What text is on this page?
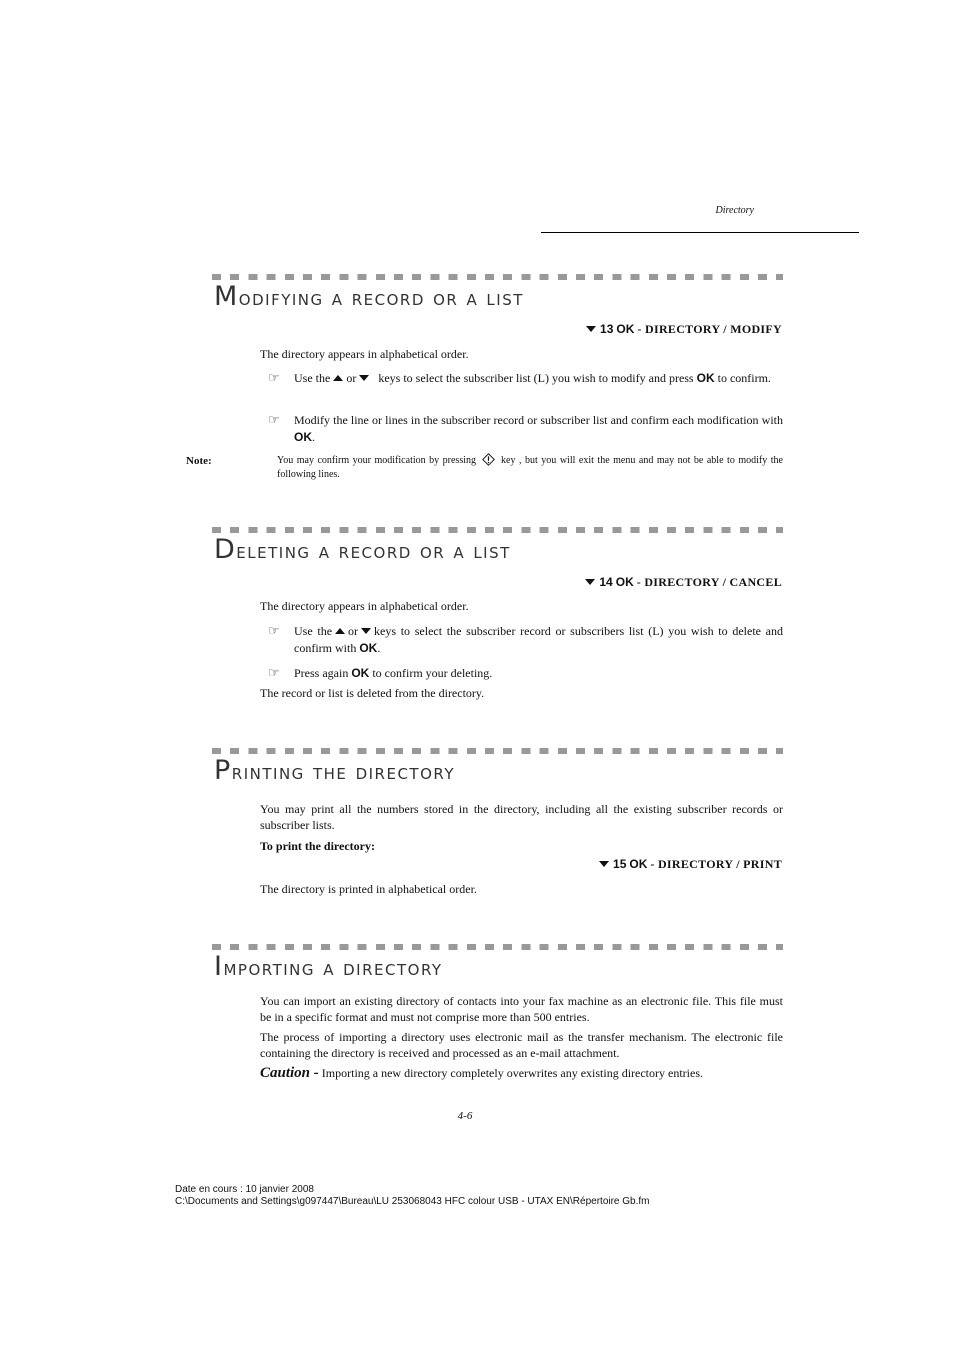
Directory
Modifying a record or a list
13 OK - DIRECTORY / MODIFY
The directory appears in alphabetical order.
☞ Use the or keys to select the subscriber list (L) you wish to modify and press OK to confirm.
☞ Modify the line or lines in the subscriber record or subscriber list and confirm each modification with OK.
Note:	You may confirm your modification by pressing	key , but you will exit the menu and may not be able to modify the following lines.
Deleting a record or a list
14 OK - DIRECTORY / CANCEL
The directory appears in alphabetical order.
☞ Use the or keys to select the subscriber record or subscribers list (L) you wish to delete and confirm with OK.
☞ Press again OK to confirm your deleting.
The record or list is deleted from the directory.
Printing the directory
You may print all the numbers stored in the directory, including all the existing subscriber records or subscriber lists.
To print the directory:
15 OK - DIRECTORY / PRINT
The directory is printed in alphabetical order.
Importing a directory
You can import an existing directory of contacts into your fax machine as an electronic file. This file must be in a specific format and must not comprise more than 500 entries.
The process of importing a directory uses electronic mail as the transfer mechanism. The electronic file containing the directory is received and processed as an e-mail attachment.
Caution - Importing a new directory completely overwrites any existing directory entries.
4-6
Date en cours : 10 janvier 2008
C:\Documents and Settings\g097447\Bureau\LU 253068043 HFC colour USB - UTAX EN\Répertoire Gb.fm
